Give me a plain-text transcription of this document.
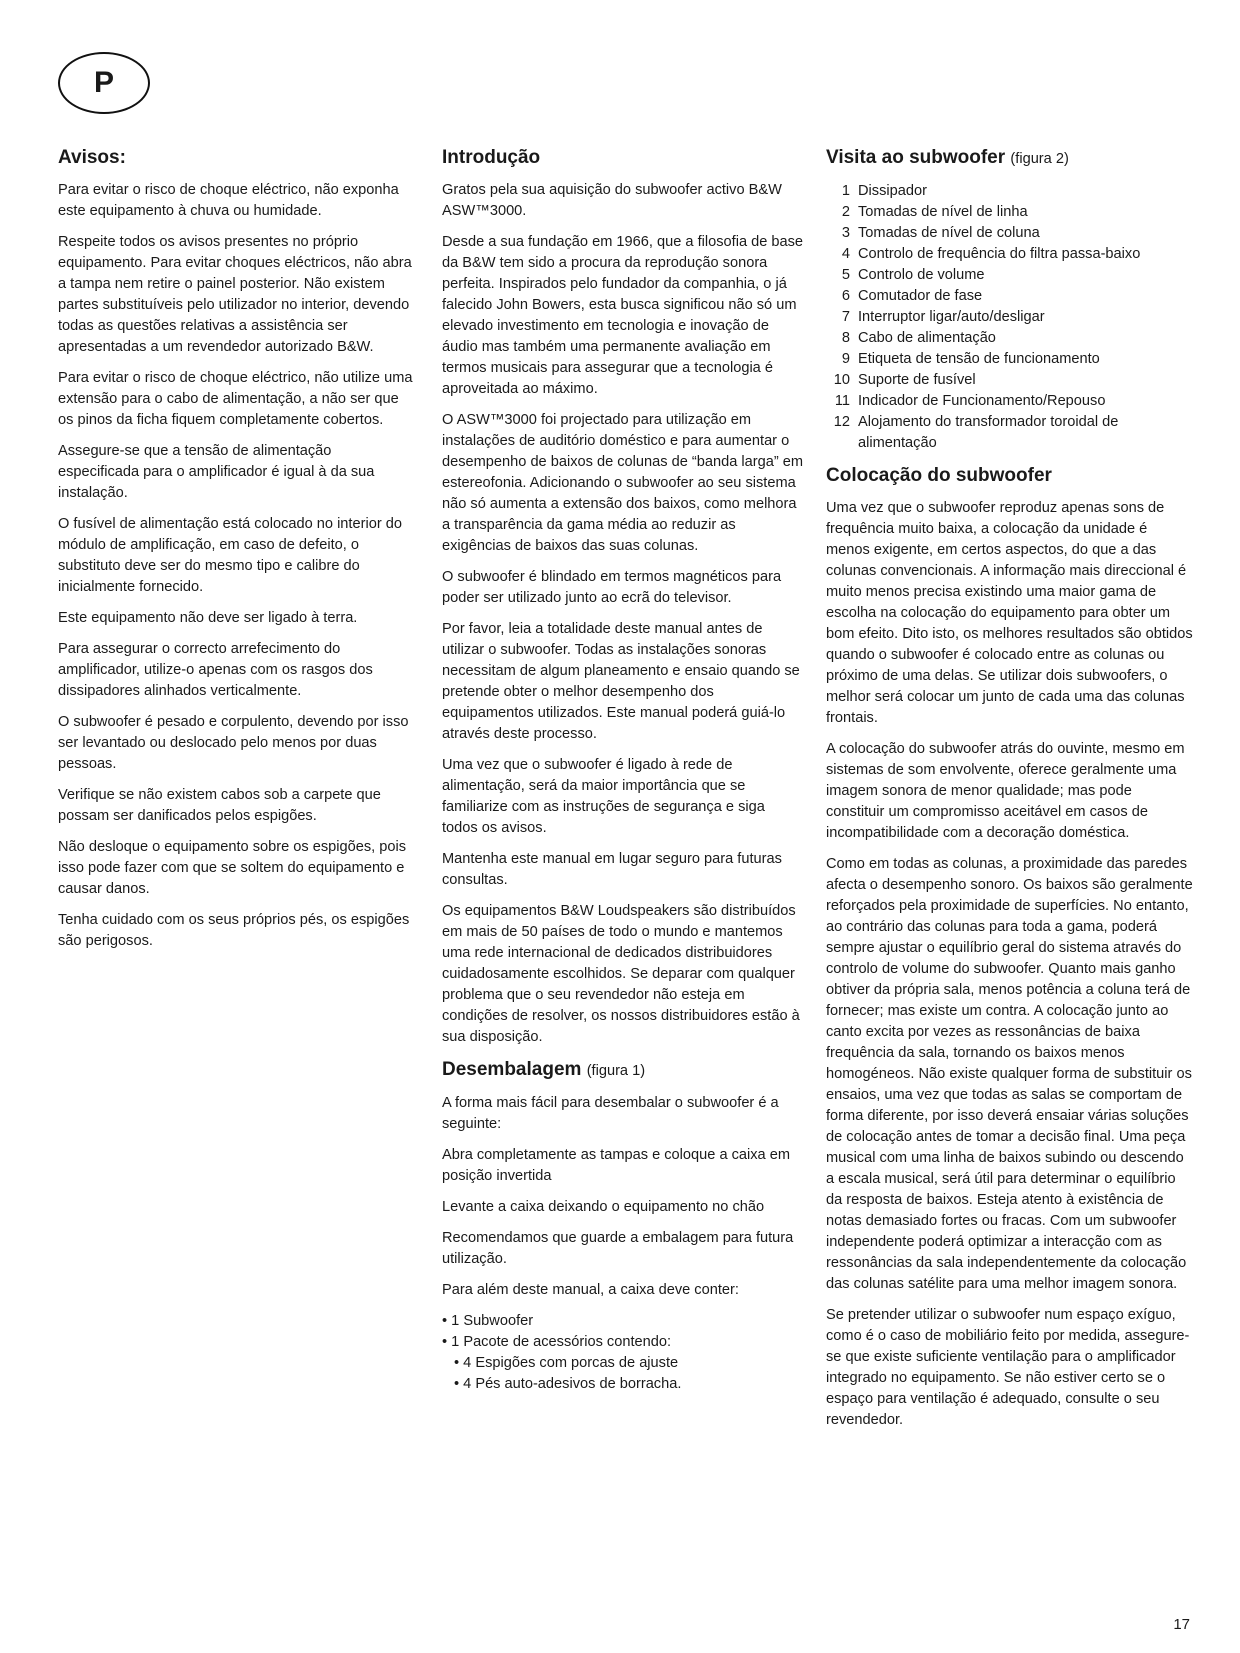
P
Avisos:

Para evitar o risco de choque eléctrico, não exponha este equipamento à chuva ou humidade.

Respeite todos os avisos presentes no próprio equipamento. Para evitar choques eléctricos, não abra a tampa nem retire o painel posterior. Não existem partes substituíveis pelo utilizador no interior, devendo todas as questões relativas a assistência ser apresentadas a um revendedor autorizado B&W.

Para evitar o risco de choque eléctrico, não utilize uma extensão para o cabo de alimentação, a não ser que os pinos da ficha fiquem completamente cobertos.

Assegure-se que a tensão de alimentação especificada para o amplificador é igual à da sua instalação.

O fusível de alimentação está colocado no interior do módulo de amplificação, em caso de defeito, o substituto deve ser do mesmo tipo e calibre do inicialmente fornecido.

Este equipamento não deve ser ligado à terra.

Para assegurar o correcto arrefecimento do amplificador, utilize-o apenas com os rasgos dos dissipadores alinhados verticalmente.

O subwoofer é pesado e corpulento, devendo por isso ser levantado ou deslocado pelo menos por duas pessoas.

Verifique se não existem cabos sob a carpete que possam ser danificados pelos espigões.

Não desloque o equipamento sobre os espigões, pois isso pode fazer com que se soltem do equipamento e causar danos.

Tenha cuidado com os seus próprios pés, os espigões são perigosos.

Introdução

Gratos pela sua aquisição do subwoofer activo B&W ASW™3000.

Desde a sua fundação em 1966, que a filosofia de base da B&W tem sido a procura da reprodução sonora perfeita. Inspirados pelo fundador da companhia, o já falecido John Bowers, esta busca significou não só um elevado investimento em tecnologia e inovação de áudio mas também uma permanente avaliação em termos musicais para assegurar que a tecnologia é aproveitada ao máximo.

O ASW™3000 foi projectado para utilização em instalações de auditório doméstico e para aumentar o desempenho de baixos de colunas de “banda larga” em estereofonia. Adicionando o subwoofer ao seu sistema não só aumenta a extensão dos baixos, como melhora a transparência da gama média ao reduzir as exigências de baixos das suas colunas.

O subwoofer é blindado em termos magnéticos para poder ser utilizado junto ao ecrã do televisor.

Por favor, leia a totalidade deste manual antes de utilizar o subwoofer. Todas as instalações sonoras necessitam de algum planeamento e ensaio quando se pretende obter o melhor desempenho dos equipamentos utilizados. Este manual poderá guiá-lo através deste processo.

Uma vez que o subwoofer é ligado à rede de alimentação, será da maior importância que se familiarize com as instruções de segurança e siga todos os avisos.

Mantenha este manual em lugar seguro para futuras consultas.

Os equipamentos B&W Loudspeakers são distribuídos em mais de 50 países de todo o mundo e mantemos uma rede internacional de dedicados distribuidores cuidadosamente escolhidos. Se deparar com qualquer problema que o seu revendedor não esteja em condições de resolver, os nossos distribuidores estão à sua disposição.

Desembalagem (figura 1)

A forma mais fácil para desembalar o subwoofer é a seguinte:

Abra completamente as tampas e coloque a caixa em posição invertida

Levante a caixa deixando o equipamento no chão

Recomendamos que guarde a embalagem para futura utilização.

Para além deste manual, a caixa deve conter:

• 1 Subwoofer
• 1 Pacote de acessórios contendo:
• 4 Espigões com porcas de ajuste
• 4 Pés auto-adesivos de borracha.
Visita ao subwoofer (figura 2)
1 Dissipador
2 Tomadas de nível de linha
3 Tomadas de nível de coluna
4 Controlo de frequência do filtra passa-baixo
5 Controlo de volume
6 Comutador de fase
7 Interruptor ligar/auto/desligar
8 Cabo de alimentação
9 Etiqueta de tensão de funcionamento
10 Suporte de fusível
11 Indicador de Funcionamento/Repouso
12 Alojamento do transformador toroidal de alimentação
Colocação do subwoofer

Uma vez que o subwoofer reproduz apenas sons de frequência muito baixa, a colocação da unidade é menos exigente, em certos aspectos, do que a das colunas convencionais. A informação mais direccional é muito menos precisa existindo uma maior gama de escolha na colocação do equipamento para obter um bom efeito. Dito isto, os melhores resultados são obtidos quando o subwoofer é colocado entre as colunas ou próximo de uma delas. Se utilizar dois subwoofers, o melhor será colocar um junto de cada uma das colunas frontais.

A colocação do subwoofer atrás do ouvinte, mesmo em sistemas de som envolvente, oferece geralmente uma imagem sonora de menor qualidade; mas pode constituir um compromisso aceitável em casos de incompatibilidade com a decoração doméstica.

Como em todas as colunas, a proximidade das paredes afecta o desempenho sonoro. Os baixos são geralmente reforçados pela proximidade de superfícies. No entanto, ao contrário das colunas para toda a gama, poderá sempre ajustar o equilíbrio geral do sistema através do controlo de volume do subwoofer. Quanto mais ganho obtiver da própria sala, menos potência a coluna terá de fornecer; mas existe um contra. A colocação junto ao canto excita por vezes as ressonâncias de baixa frequência da sala, tornando os baixos menos homogéneos. Não existe qualquer forma de substituir os ensaios, uma vez que todas as salas se comportam de forma diferente, por isso deverá ensaiar várias soluções de colocação antes de tomar a decisão final. Uma peça musical com uma linha de baixos subindo ou descendo a escala musical, será útil para determinar o equilíbrio da resposta de baixos. Esteja atento à existência de notas demasiado fortes ou fracas. Com um subwoofer independente poderá optimizar a interacção com as ressonâncias da sala independentemente da colocação das colunas satélite para uma melhor imagem sonora.

Se pretender utilizar o subwoofer num espaço exíguo, como é o caso de mobiliário feito por medida, assegure-se que existe suficiente ventilação para o amplificador integrado no equipamento. Se não estiver certo se o espaço para ventilação é adequado, consulte o seu revendedor.

17
